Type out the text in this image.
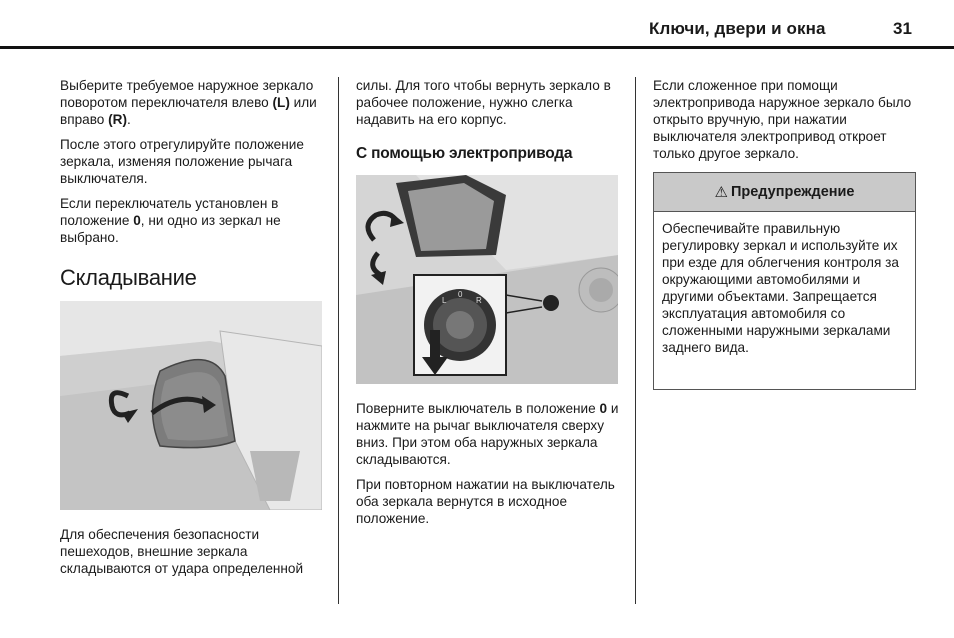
Ключи, двери и окна	31

Выберите требуемое наружное зеркало поворотом переключателя влево (L) или вправо (R).

После этого отрегулируйте положение зеркала, изменяя положение рычага выключателя.

Если переключатель установлен в положение 0, ни одно из зеркал не выбрано.

Складывание
Для обеспечения безопасности пешеходов, внешние зеркала складываются от удара определенной

силы. Для того чтобы вернуть зеркало в рабочее положение, нужно слегка надавить на его корпус.

С помощью электропривода
L
0
R

Поверните выключатель в положение 0 и нажмите на рычаг выключателя сверху вниз. При этом оба наружных зеркала складываются.

При повторном нажатии на выключатель оба зеркала вернутся в исходное положение.

Если сложенное при помощи электропривода наружное зеркало было открыто вручную, при нажатии выключателя электропривод откроет только другое зеркало.

⚠ Предупреждение
Обеспечивайте правильную регулировку зеркал и используйте их при езде для облегчения контроля за окружающими автомобилями и другими объектами. Запрещается эксплуатация автомобиля со сложенными наружными зеркалами заднего вида.
